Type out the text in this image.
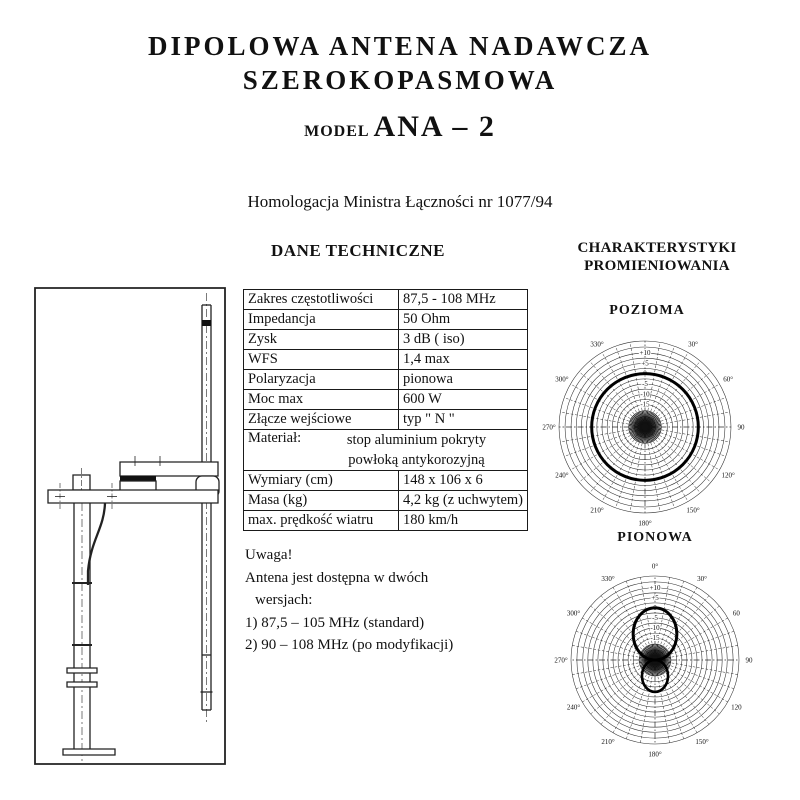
DIPOLOWA ANTENA NADAWCZA
SZEROKOPASMOWA
MODEL ANA – 2
Homologacja Ministra Łączności nr 1077/94
DANE TECHNICZNE	CHARAKTERYSTYKI
PROMIENIOWANIA
Zakres częstotliwości	87,5 - 108 MHz
Impedancja	50 Ohm
Zysk	3 dB ( iso)
WFS	1,4 max
Polaryzacja	pionowa
Moc max	600 W
Złącze wejściowe	typ " N "

Materiał: stop aluminium pokryty
powłoką antykorozyjną	

Wymiary (cm)	148 x 106 x 6
Masa (kg)	4,2 kg (z uchwytem)
max. prędkość wiatru	180 km/h
Uwaga!
Antena jest dostępna w dwóch
wersjach:
1) 87,5 – 105 MHz (standard)
2) 90 – 108 MHz (po modyfikacji)
POZIOMA
30°
60°
90
120°
150°
180°
210°
240°
270°
300°
330°
+10
+5
0
-5
-10
-15
PIONOWA
0°
30°
60
90
120
150°
180°
210°
240°
270°
300°
330°
+10
+5
0
-5
-10
-15
